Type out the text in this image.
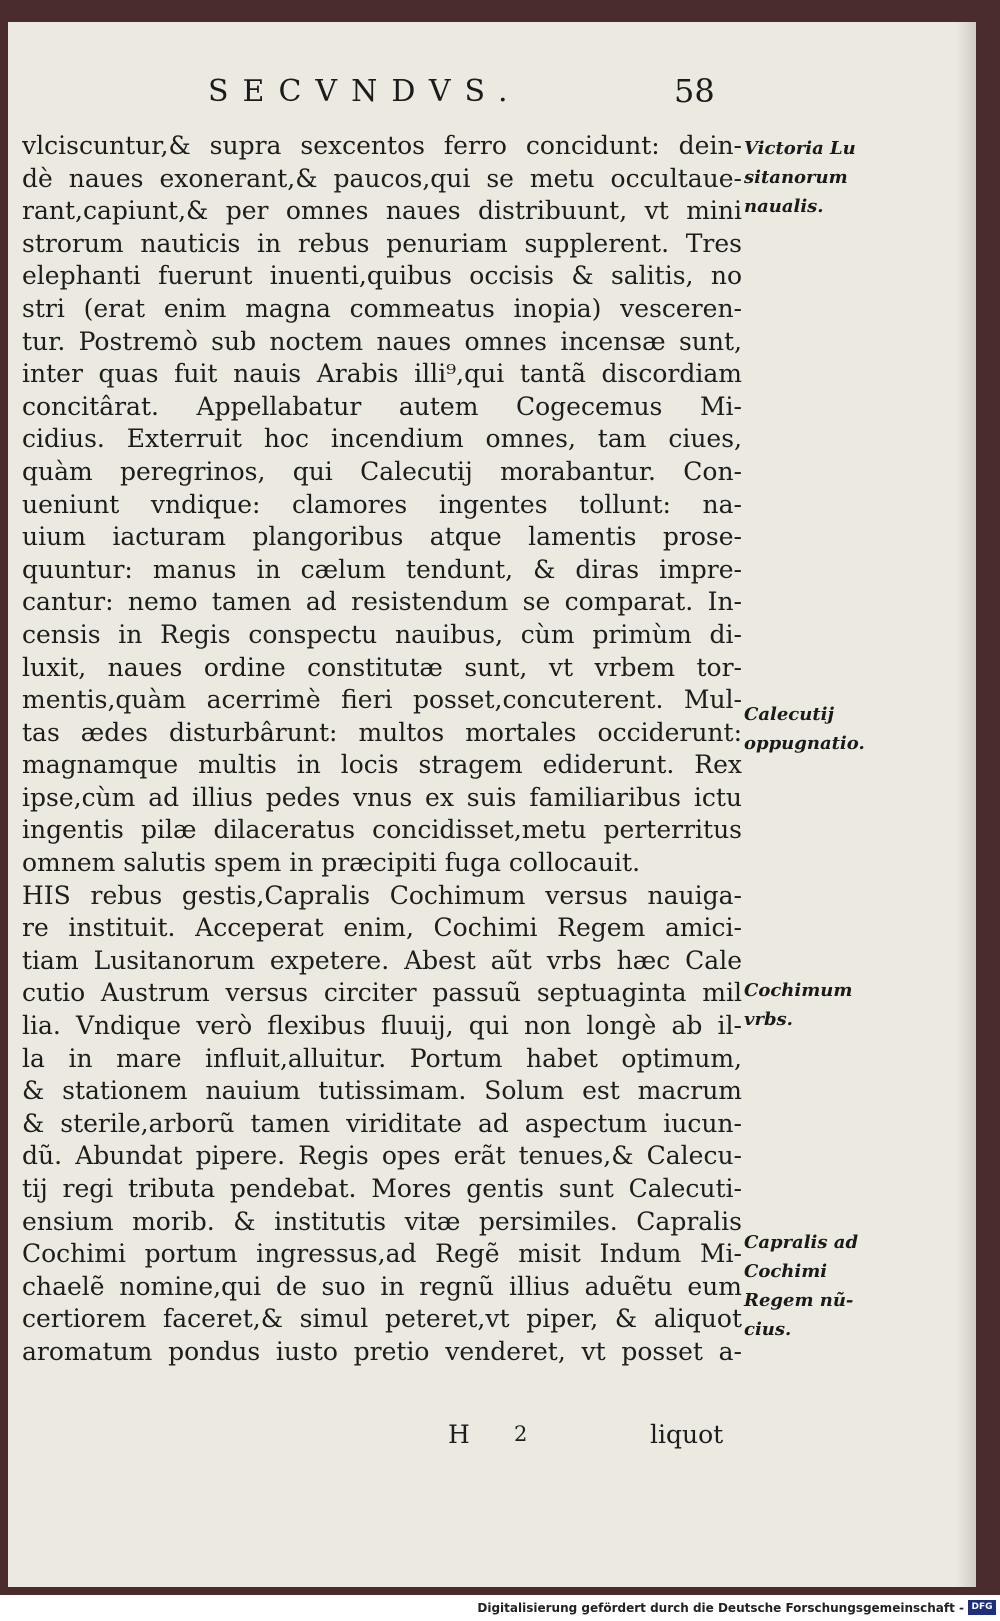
SECVNDVS.	58
vlciscuntur,& supra sexcentos ferro concidunt: dein-
dè naues exonerant,& paucos,qui se metu occultaue-
rant,capiunt,& per omnes naues distribuunt, vt mini
strorum nauticis in rebus penuriam supplerent. Tres
elephanti fuerunt inuenti,quibus occisis & salitis, no
stri (erat enim magna commeatus inopia) vesceren-
tur. Postremò sub noctem naues omnes incensæ sunt,
inter quas fuit nauis Arabis illi⁹,qui tantã discordiam
concitârat. Appellabatur autem Cogecemus Mi-
cidius. Exterruit hoc incendium omnes, tam ciues,
quàm peregrinos, qui Calecutij morabantur. Con-
ueniunt vndique: clamores ingentes tollunt: na-
uium iacturam plangoribus atque lamentis prose-
quuntur: manus in cælum tendunt, & diras impre-
cantur: nemo tamen ad resistendum se comparat. In-
censis in Regis conspectu nauibus, cùm primùm di-
luxit, naues ordine constitutæ sunt, vt vrbem tor-
mentis,quàm acerrimè fieri posset,concuterent. Mul-
tas ædes disturbârunt: multos mortales occiderunt:
magnamque multis in locis stragem ediderunt. Rex
ipse,cùm ad illius pedes vnus ex suis familiaribus ictu
ingentis pilæ dilaceratus concidisset,metu perterritus
omnem salutis spem in præcipiti fuga collocauit.
HIS rebus gestis,Capralis Cochimum versus nauiga-
re instituit. Acceperat enim, Cochimi Regem amici-
tiam Lusitanorum expetere. Abest aũt vrbs hæc Cale
cutio Austrum versus circiter passuũ septuaginta mil
lia. Vndique verò flexibus fluuij, qui non longè ab il-
la in mare influit,alluitur. Portum habet optimum,
& stationem nauium tutissimam. Solum est macrum
& sterile,arborũ tamen viriditate ad aspectum iucun-
dũ. Abundat pipere. Regis opes erãt tenues,& Calecu-
tij regi tributa pendebat. Mores gentis sunt Calecuti-
ensium morib. & institutis vitæ persimiles. Capralis
Cochimi portum ingressus,ad Regẽ misit Indum Mi-
chaelẽ nomine,qui de suo in regnũ illius aduẽtu eum
certiorem faceret,& simul peteret,vt piper, & aliquot
aromatum pondus iusto pretio venderet, vt posset a-
Victoria Lu
sitanorum
naualis.
Calecutij
oppugnatio.
Cochimum
vrbs.
Capralis ad
Cochimi
Regem nũ-
cius.
H 2	liquot
Digitalisierung gefördert durch die Deutsche Forschungsgemeinschaft - DFG
